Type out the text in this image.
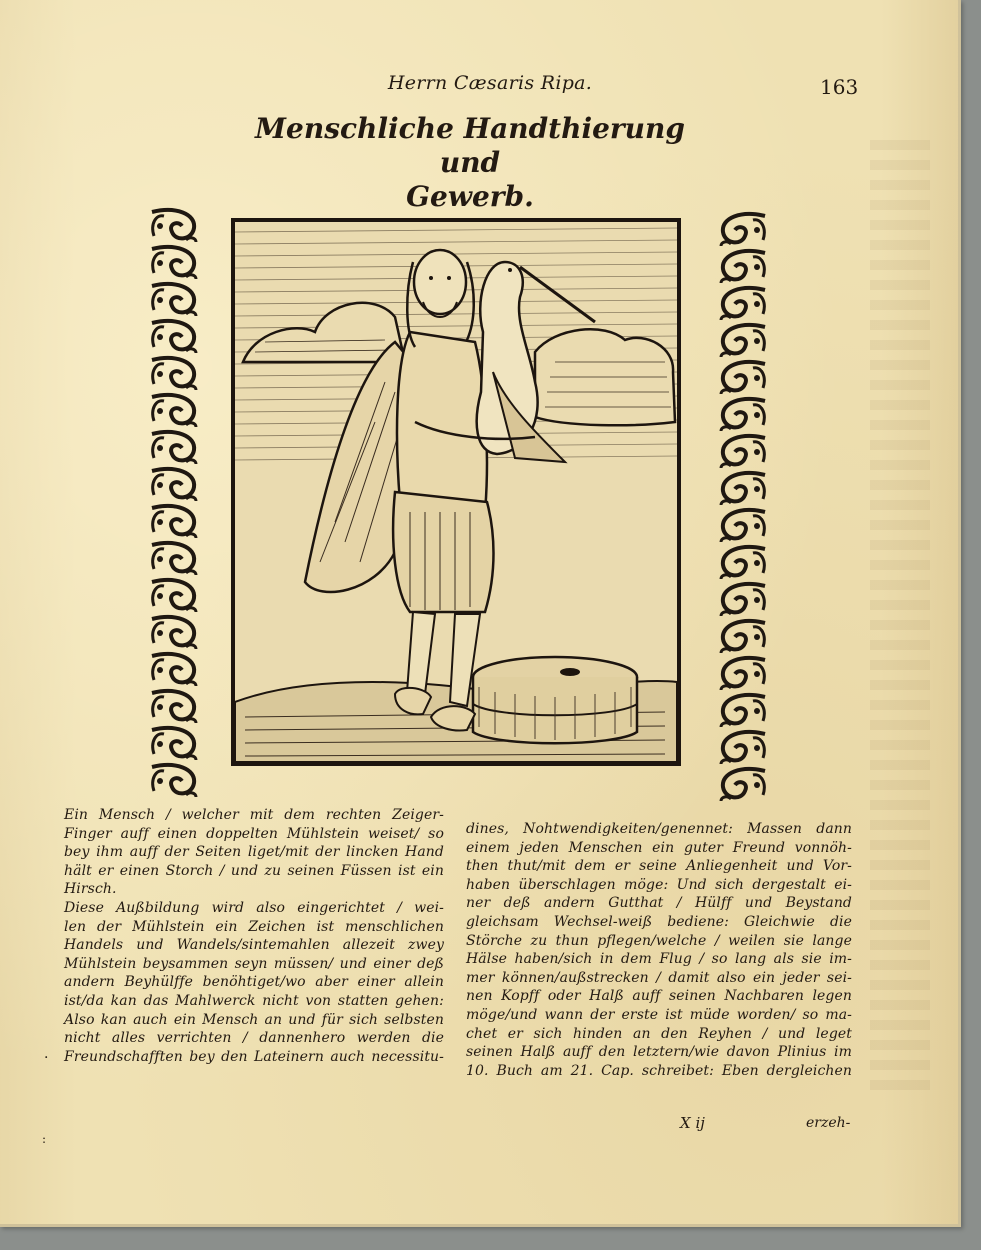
Herrn Cæsaris Ripa.	163
Menschliche Handthierung und
Gewerb.
Ein Mensch / welcher mit dem rechten Zeiger-
Finger auff einen doppelten Mühlstein weiset/ so
bey ihm auff der Seiten liget/mit der lincken Hand
hält er einen Storch / und zu seinen Füssen ist ein
Hirsch.
Diese Außbildung wird also eingerichtet / wei-
len der Mühlstein ein Zeichen ist menschlichen
Handels und Wandels/sintemahlen allezeit zwey
Mühlstein beysammen seyn müssen/ und einer deß
andern Beyhülffe benöhtiget/wo aber einer allein
ist/da kan das Mahlwerck nicht von statten gehen:
Also kan auch ein Mensch an und für sich selbsten
nicht alles verrichten / dannenhero werden die
Freundschafften bey den Lateinern auch necessitu-
dines, Nohtwendigkeiten/genennet: Massen dann
einem jeden Menschen ein guter Freund vonnöh-
then thut/mit dem er seine Anliegenheit und Vor-
haben überschlagen möge: Und sich dergestalt ei-
ner deß andern Gutthat / Hülff und Beystand
gleichsam Wechsel-weiß bediene: Gleichwie die
Störche zu thun pflegen/welche / weilen sie lange
Hälse haben/sich in dem Flug / so lang als sie im-
mer können/außstrecken / damit also ein jeder sei-
nen Kopff oder Halß auff seinen Nachbaren legen
möge/und wann der erste ist müde worden/ so ma-
chet er sich hinden an den Reyhen / und leget
seinen Halß auff den letztern/wie davon Plinius im
10. Buch am 21. Cap. schreibet: Eben dergleichen
X ij	erzeh-
·
:
